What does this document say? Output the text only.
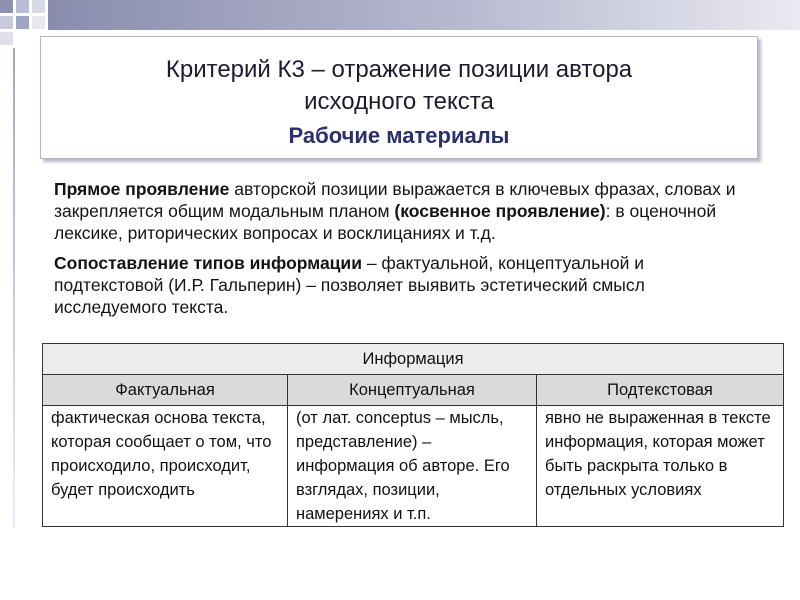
Критерий К3 – отражение позиции автора
исходного текста
Рабочие материалы

Прямое проявление авторской позиции выражается в ключевых фразах, словах и закрепляется общим модальным планом (косвенное проявление): в оценочной лексике, риторических вопросах и восклицаниях и т.д.

Сопоставление типов информации – фактуальной, концептуальной и подтекстовой (И.Р. Гальперин) – позволяет выявить эстетический смысл исследуемого текста.

Информация		
Фактуальная	Концептуальная	Подтекстовая
фактическая основа текста, которая сообщает о том, что происходило, происходит, будет происходить	(от лат. conceptus – мысль, представление) – информация об авторе. Его взглядах, позиции, намерениях и т.п.	явно не выраженная в тексте информация, которая может быть раскрыта только в отдельных условиях
